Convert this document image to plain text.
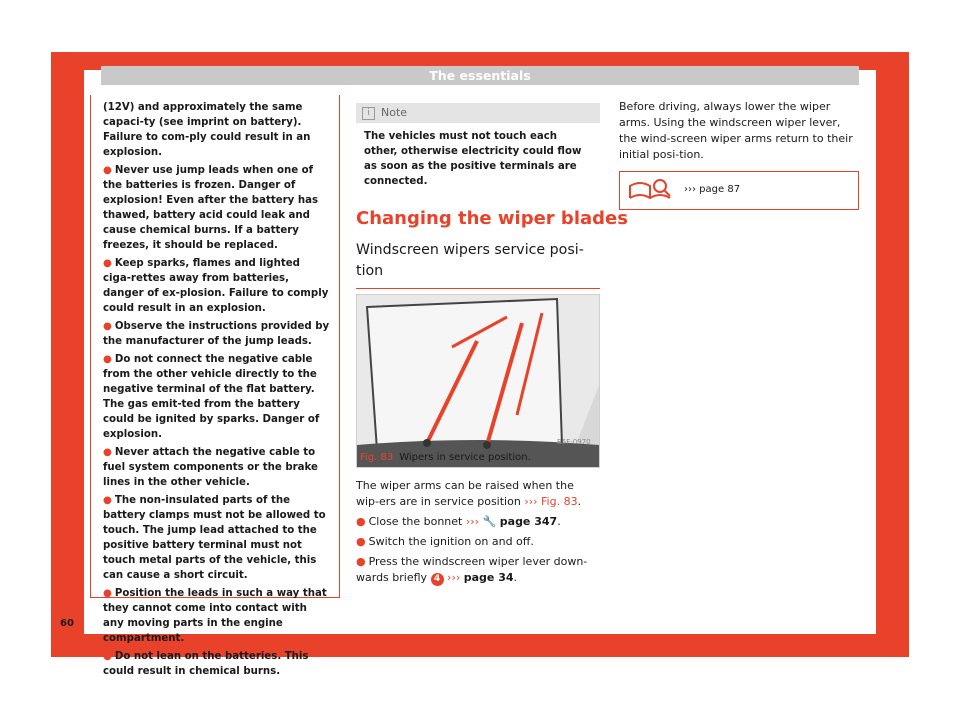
The essentials

(12V) and approximately the same capaci-ty (see imprint on battery). Failure to com-ply could result in an explosion.

● Never use jump leads when one of the batteries is frozen. Danger of explosion! Even after the battery has thawed, battery acid could leak and cause chemical burns. If a battery freezes, it should be replaced.

● Keep sparks, flames and lighted ciga-rettes away from batteries, danger of ex-plosion. Failure to comply could result in an explosion.

● Observe the instructions provided by the manufacturer of the jump leads.

● Do not connect the negative cable from the other vehicle directly to the negative terminal of the flat battery. The gas emit-ted from the battery could be ignited by sparks. Danger of explosion.

● Never attach the negative cable to fuel system components or the brake lines in the other vehicle.

● The non-insulated parts of the battery clamps must not be allowed to touch. The jump lead attached to the positive battery terminal must not touch metal parts of the vehicle, this can cause a short circuit.

● Position the leads in such a way that they cannot come into contact with any moving parts in the engine compartment.

● Do not lean on the batteries. This could result in chemical burns.

i Note
The vehicles must not touch each other, otherwise electricity could flow as soon as the positive terminals are connected.
Changing the wiper blades
Windscreen wipers service posi-tion
B5F-0970
Fig. 83 Wipers in service position.

The wiper arms can be raised when the wip-ers are in service position ››› Fig. 83.

● Close the bonnet ››› 🔧 page 347.

● Switch the ignition on and off.

● Press the windscreen wiper lever down-wards briefly 4 ››› page 34.

Before driving, always lower the wiper arms. Using the windscreen wiper lever, the wind-screen wiper arms return to their initial posi-tion.
››› page 87
60
